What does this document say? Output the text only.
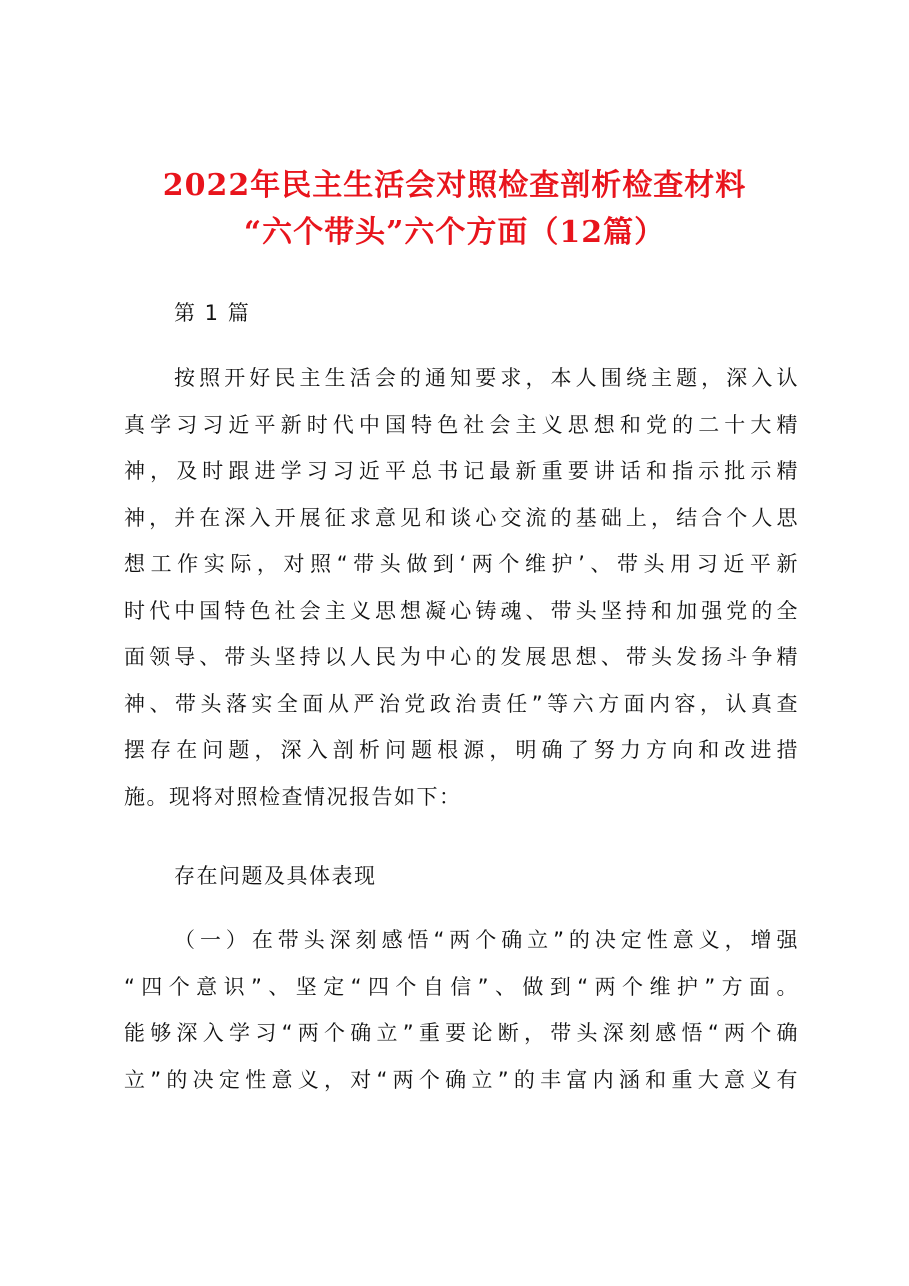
2022年民主生活会对照检查剖析检查材料
“六个带头”六个方面（12篇）
第 1 篇
按照开好民主生活会的通知要求，本人围绕主题，深入认
真学习习近平新时代中国特色社会主义思想和党的二十大精
神，及时跟进学习习近平总书记最新重要讲话和指示批示精
神，并在深入开展征求意见和谈心交流的基础上，结合个人思
想工作实际，对照“带头做到‘两个维护’、带头用习近平新
时代中国特色社会主义思想凝心铸魂、带头坚持和加强党的全
面领导、带头坚持以人民为中心的发展思想、带头发扬斗争精
神、带头落实全面从严治党政治责任”等六方面内容，认真查
摆存在问题，深入剖析问题根源，明确了努力方向和改进措
施。现将对照检查情况报告如下：
存在问题及具体表现
（一）在带头深刻感悟“两个确立”的决定性意义，增强
“四个意识”、坚定“四个自信”、做到“两个维护”方面。
能够深入学习“两个确立”重要论断，带头深刻感悟“两个确
立”的决定性意义，对“两个确立”的丰富内涵和重大意义有
